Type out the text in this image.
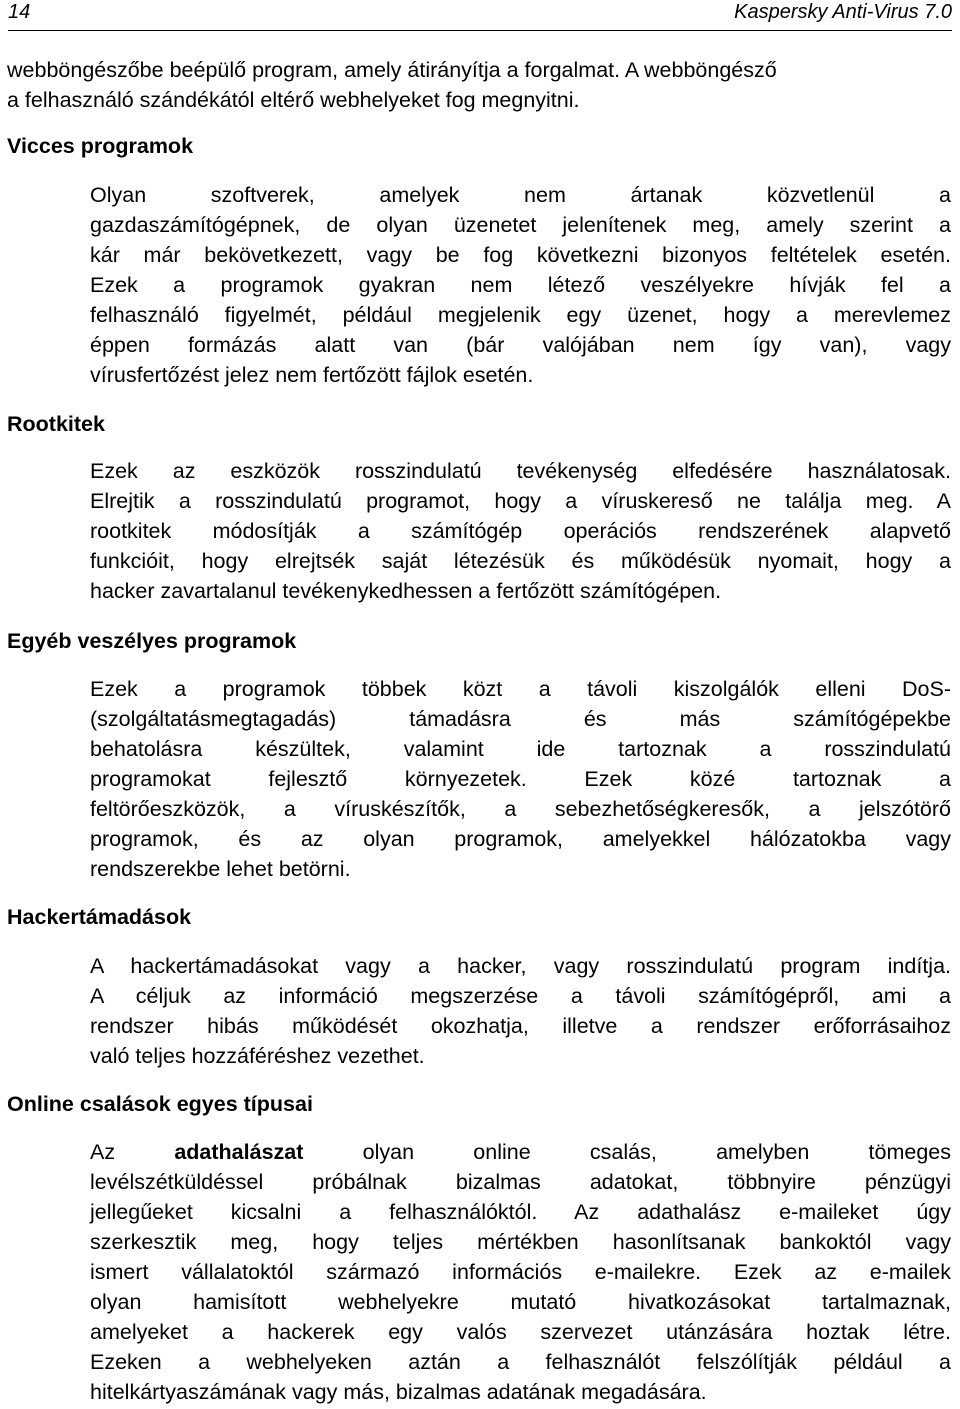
14	Kaspersky Anti-Virus 7.0
webböngészőbe beépülő program, amely átirányítja a forgalmat. A webböngésző
a felhasználó szándékától eltérő webhelyeket fog megnyitni.
Vicces programok
Olyan szoftverek, amelyek nem ártanak közvetlenül a
gazdaszámítógépnek, de olyan üzenetet jelenítenek meg, amely szerint a
kár már bekövetkezett, vagy be fog következni bizonyos feltételek esetén.
Ezek a programok gyakran nem létező veszélyekre hívják fel a
felhasználó figyelmét, például megjelenik egy üzenet, hogy a merevlemez
éppen formázás alatt van (bár valójában nem így van), vagy
vírusfertőzést jelez nem fertőzött fájlok esetén.
Rootkitek
Ezek az eszközök rosszindulatú tevékenység elfedésére használatosak.
Elrejtik a rosszindulatú programot, hogy a víruskereső ne találja meg. A
rootkitek módosítják a számítógép operációs rendszerének alapvető
funkcióit, hogy elrejtsék saját létezésük és működésük nyomait, hogy a
hacker zavartalanul tevékenykedhessen a fertőzött számítógépen.
Egyéb veszélyes programok
Ezek a programok többek közt a távoli kiszolgálók elleni DoS-
(szolgáltatásmegtagadás) támadásra és más számítógépekbe
behatolásra készültek, valamint ide tartoznak a rosszindulatú
programokat fejlesztő környezetek. Ezek közé tartoznak a
feltörőeszközök, a víruskészítők, a sebezhetőségkeresők, a jelszótörő
programok, és az olyan programok, amelyekkel hálózatokba vagy
rendszerekbe lehet betörni.
Hackertámadások
A hackertámadásokat vagy a hacker, vagy rosszindulatú program indítja.
A céljuk az információ megszerzése a távoli számítógépről, ami a
rendszer hibás működését okozhatja, illetve a rendszer erőforrásaihoz
való teljes hozzáféréshez vezethet.
Online csalások egyes típusai
Az	adathalászat	olyan online csalás, amelyben tömeges
levélszétküldéssel próbálnak bizalmas adatokat, többnyire pénzügyi
jellegűeket kicsalni a felhasználóktól. Az adathalász e-maileket úgy
szerkesztik meg, hogy teljes mértékben hasonlítsanak bankoktól vagy
ismert vállalatoktól származó információs e-mailekre. Ezek az e-mailek
olyan hamisított webhelyekre mutató hivatkozásokat tartalmaznak,
amelyeket a hackerek egy valós szervezet utánzására hoztak létre.
Ezeken a webhelyeken aztán a felhasználót felszólítják például a
hitelkártyaszámának vagy más, bizalmas adatának megadására.
